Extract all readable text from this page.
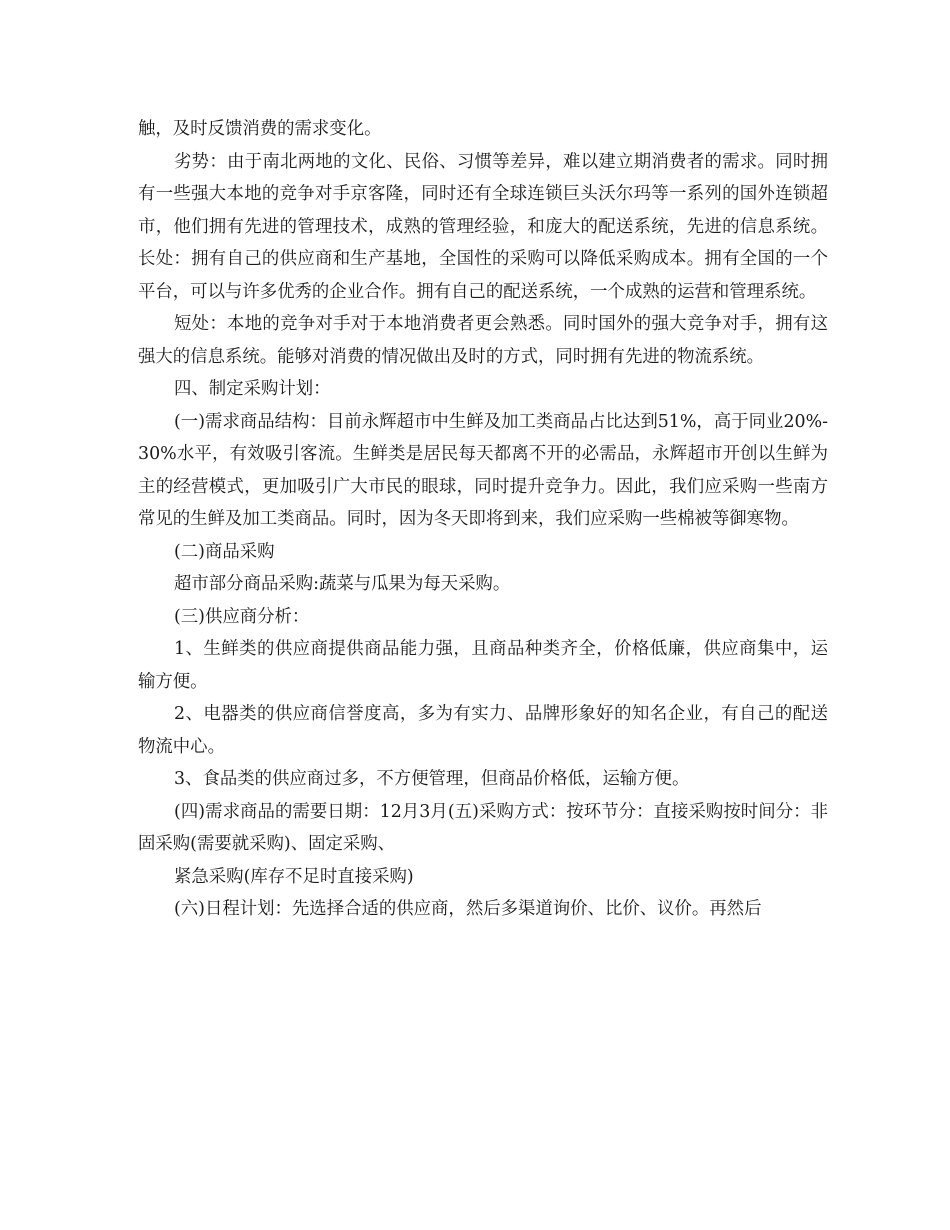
触，及时反馈消费的需求变化。

劣势：由于南北两地的文化、民俗、习惯等差异，难以建立期消费者的需求。同时拥有一些强大本地的竞争对手京客隆，同时还有全球连锁巨头沃尔玛等一系列的国外连锁超市，他们拥有先进的管理技术，成熟的管理经验，和庞大的配送系统，先进的信息系统。长处：拥有自己的供应商和生产基地，全国性的采购可以降低采购成本。拥有全国的一个平台，可以与许多优秀的企业合作。拥有自己的配送系统，一个成熟的运营和管理系统。

短处：本地的竞争对手对于本地消费者更会熟悉。同时国外的强大竞争对手，拥有这强大的信息系统。能够对消费的情况做出及时的方式，同时拥有先进的物流系统。

四、制定采购计划：

(一)需求商品结构：目前永辉超市中生鲜及加工类商品占比达到51%，高于同业20%-30%水平，有效吸引客流。生鲜类是居民每天都离不开的必需品，永辉超市开创以生鲜为主的经营模式，更加吸引广大市民的眼球，同时提升竞争力。因此，我们应采购一些南方常见的生鲜及加工类商品。同时，因为冬天即将到来，我们应采购一些棉被等御寒物。

(二)商品采购

超市部分商品采购:蔬菜与瓜果为每天采购。

(三)供应商分析：

1、生鲜类的供应商提供商品能力强，且商品种类齐全，价格低廉，供应商集中，运输方便。

2、电器类的供应商信誉度高，多为有实力、品牌形象好的知名企业，有自己的配送物流中心。

3、食品类的供应商过多，不方便管理，但商品价格低，运输方便。

(四)需求商品的需要日期：12月3月(五)采购方式：按环节分：直接采购按时间分：非固采购(需要就采购)、固定采购、

紧急采购(库存不足时直接采购)

(六)日程计划：先选择合适的供应商，然后多渠道询价、比价、议价。再然后
